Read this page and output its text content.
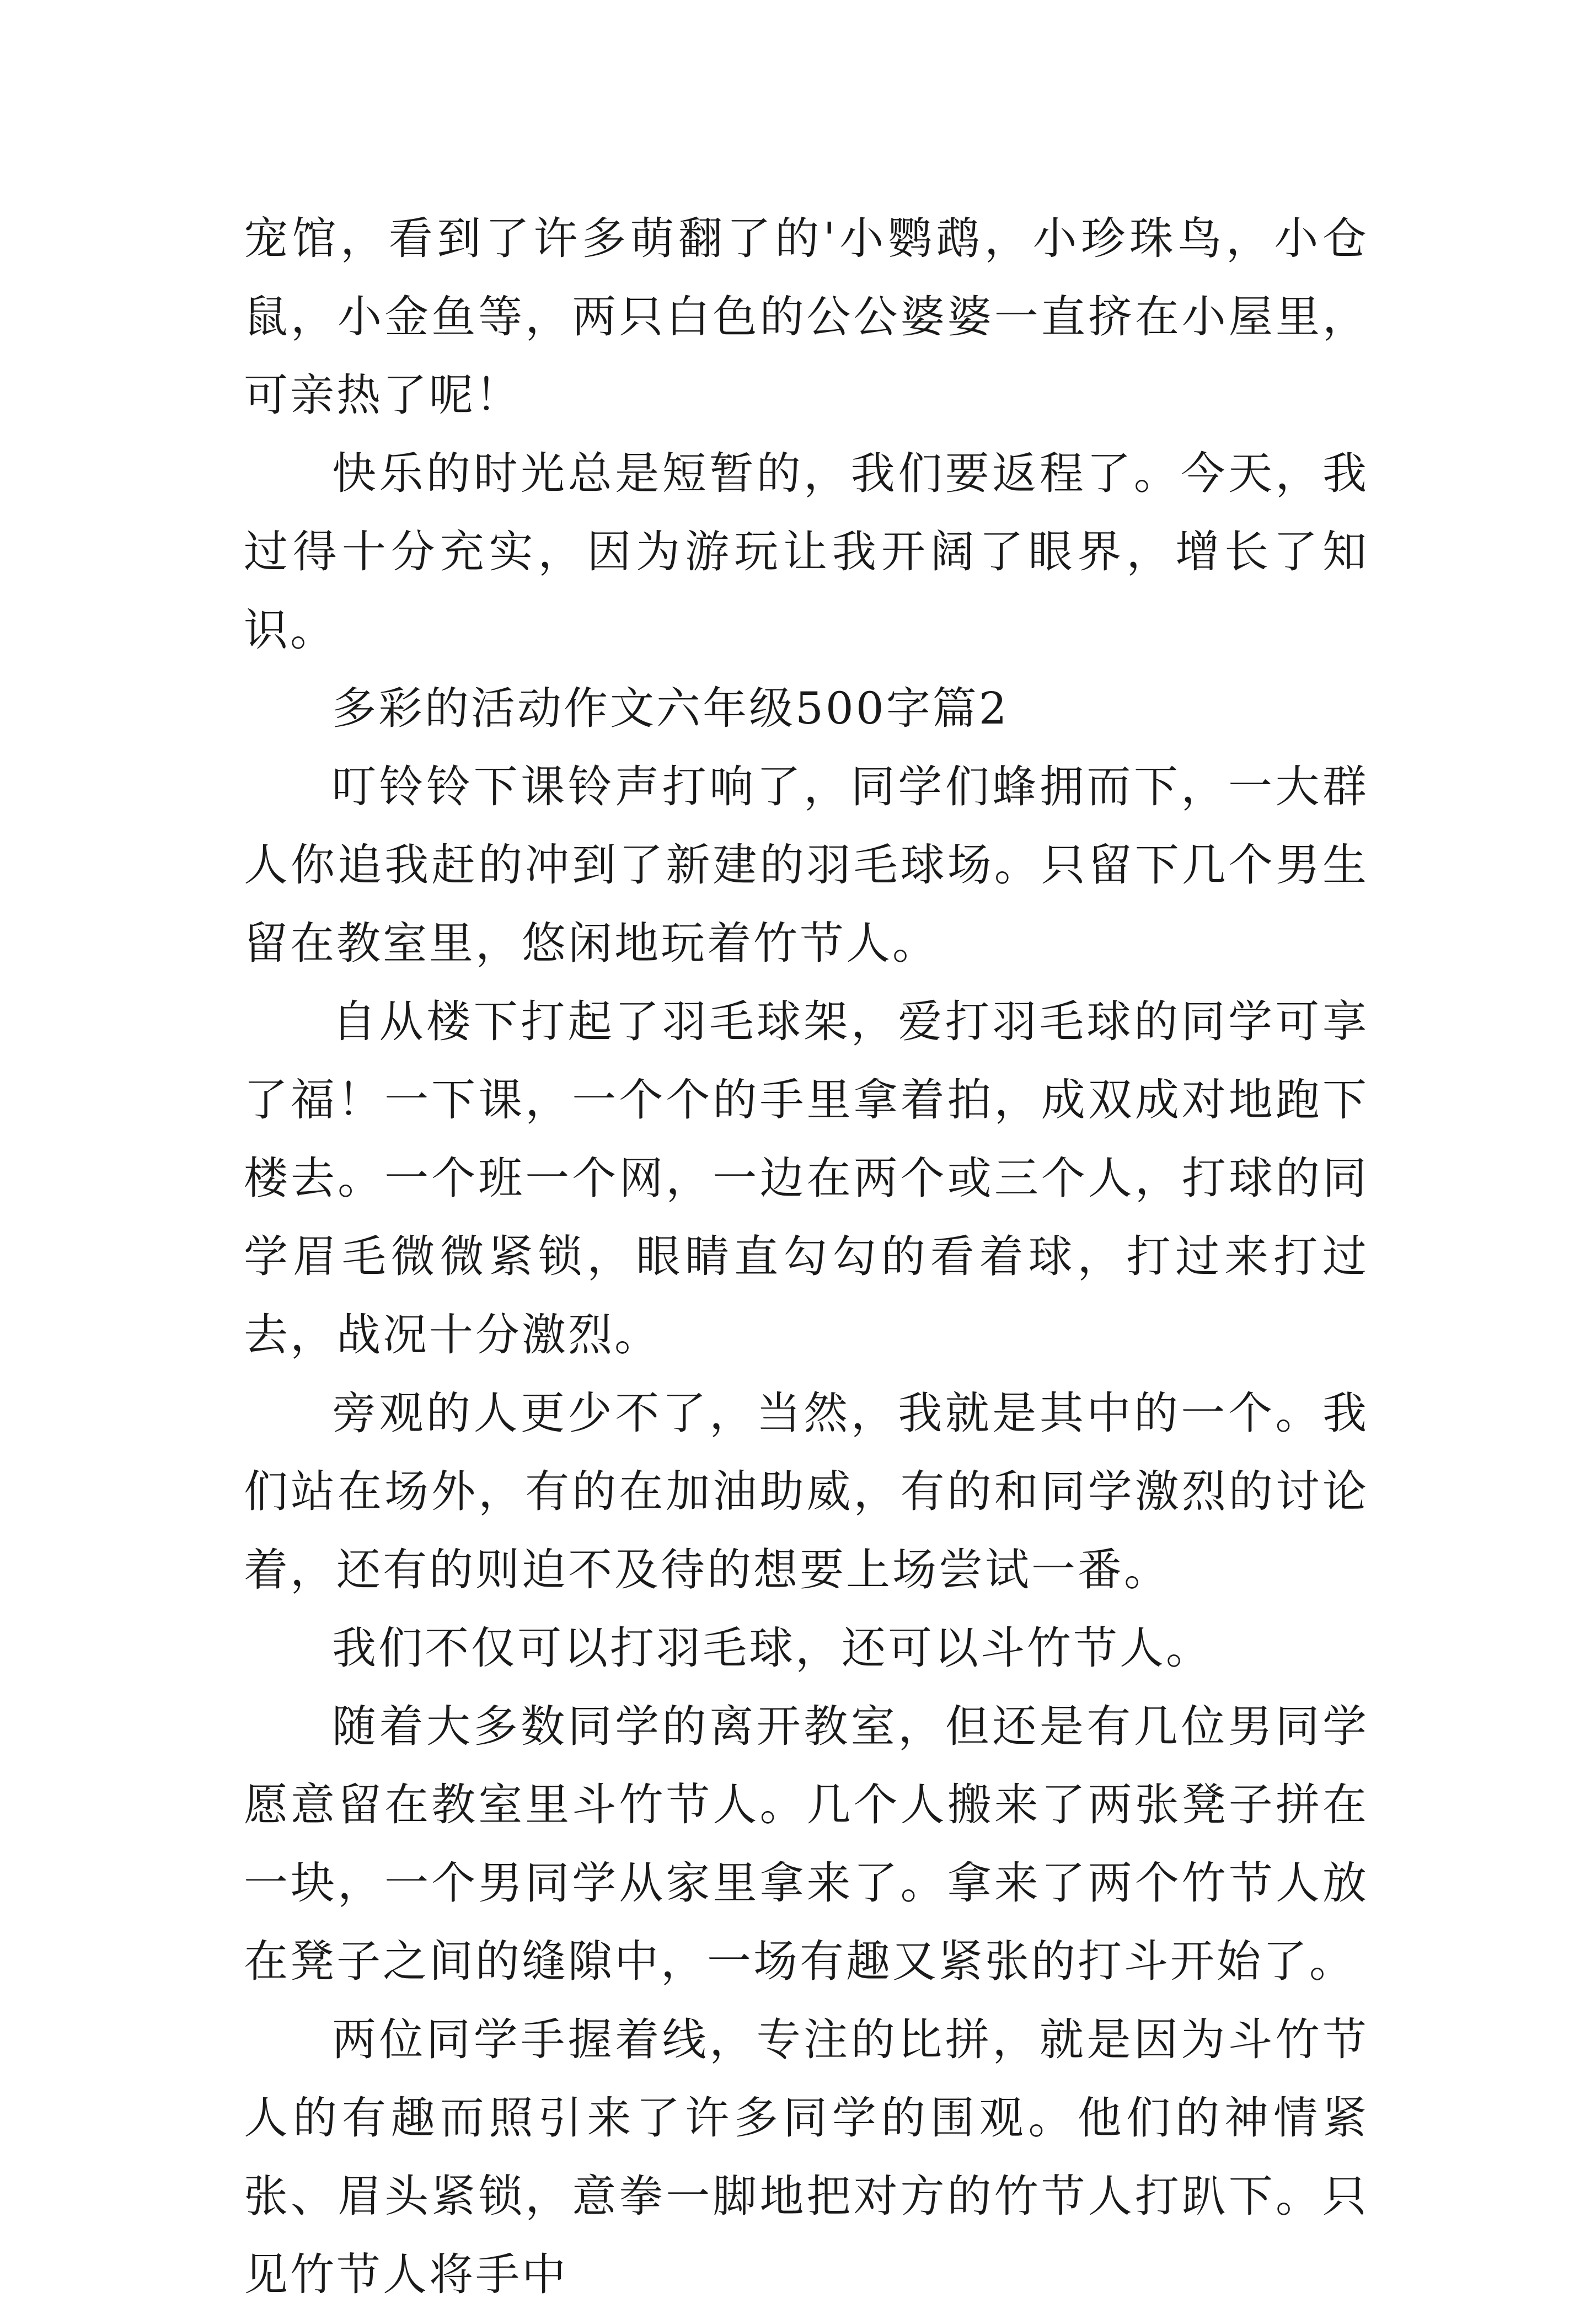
宠馆，看到了许多萌翻了的'小鹦鹉，小珍珠鸟，小仓鼠，小金鱼等，两只白色的公公婆婆一直挤在小屋里，可亲热了呢！

快乐的时光总是短暂的，我们要返程了。今天，我过得十分充实，因为游玩让我开阔了眼界，增长了知识。

多彩的活动作文六年级500字篇2

叮铃铃下课铃声打响了，同学们蜂拥而下，一大群人你追我赶的冲到了新建的羽毛球场。只留下几个男生留在教室里，悠闲地玩着竹节人。

自从楼下打起了羽毛球架，爱打羽毛球的同学可享了福！一下课，一个个的手里拿着拍，成双成对地跑下楼去。一个班一个网，一边在两个或三个人，打球的同学眉毛微微紧锁，眼睛直勾勾的看着球，打过来打过去，战况十分激烈。

旁观的人更少不了，当然，我就是其中的一个。我们站在场外，有的在加油助威，有的和同学激烈的讨论着，还有的则迫不及待的想要上场尝试一番。

我们不仅可以打羽毛球，还可以斗竹节人。

随着大多数同学的离开教室，但还是有几位男同学愿意留在教室里斗竹节人。几个人搬来了两张凳子拼在一块，一个男同学从家里拿来了。拿来了两个竹节人放在凳子之间的缝隙中，一场有趣又紧张的打斗开始了。

两位同学手握着线，专注的比拼，就是因为斗竹节人的有趣而照引来了许多同学的围观。他们的神情紧张、眉头紧锁，意拳一脚地把对方的竹节人打趴下。只见竹节人将手中
